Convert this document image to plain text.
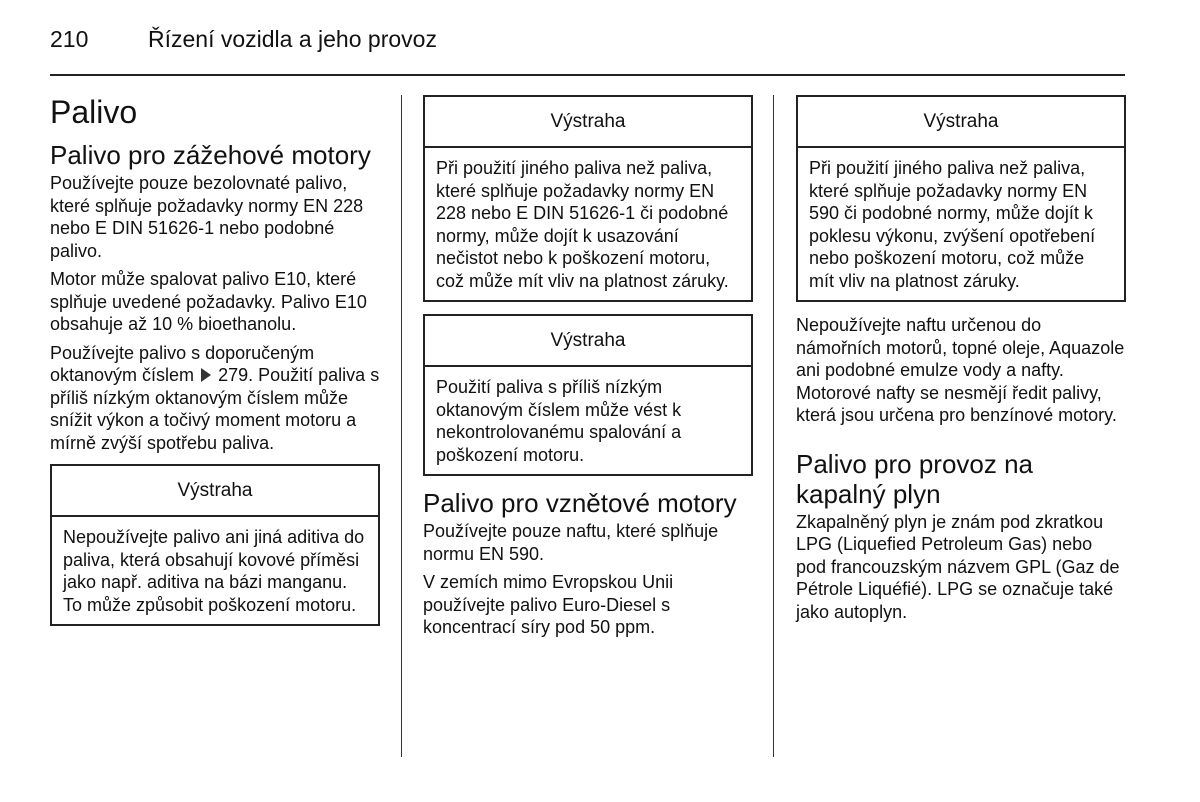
210	Řízení vozidla a jeho provoz
Palivo
Palivo pro zážehové motory

Používejte pouze bezolovnaté palivo, které splňuje požadavky normy EN 228 nebo E DIN 51626-1 nebo podobné palivo.

Motor může spalovat palivo E10, které splňuje uvedené požadavky. Palivo E10 obsahuje až 10 % bioethanolu.

Používejte palivo s doporučeným oktanovým číslem 279. Použití paliva s příliš nízkým oktanovým číslem může snížit výkon a točivý moment motoru a mírně zvýší spotřebu paliva.

Výstraha
Nepoužívejte palivo ani jiná aditiva do paliva, která obsahují kovové příměsi jako např. aditiva na bázi manganu. To může způsobit poškození motoru.
Výstraha
Při použití jiného paliva než paliva, které splňuje požadavky normy EN 228 nebo E DIN 51626-1 či podobné normy, může dojít k usazování nečistot nebo k poškození motoru, což může mít vliv na platnost záruky.
Výstraha
Použití paliva s příliš nízkým oktanovým číslem může vést k nekontrolovanému spalování a poškození motoru.
Palivo pro vznětové motory

Používejte pouze naftu, které splňuje normu EN 590.

V zemích mimo Evropskou Unii používejte palivo Euro-Diesel s koncentrací síry pod 50 ppm.

Výstraha
Při použití jiného paliva než paliva, které splňuje požadavky normy EN 590 či podobné normy, může dojít k poklesu výkonu, zvýšení opotřebení nebo poškození motoru, což může mít vliv na platnost záruky.

Nepoužívejte naftu určenou do námořních motorů, topné oleje, Aquazole ani podobné emulze vody a nafty. Motorové nafty se nesmějí ředit palivy, která jsou určena pro benzínové motory.

Palivo pro provoz na kapalný plyn

Zkapalněný plyn je znám pod zkratkou LPG (Liquefied Petroleum Gas) nebo pod francouzským názvem GPL (Gaz de Pétrole Liquéfié). LPG se označuje také jako autoplyn.
